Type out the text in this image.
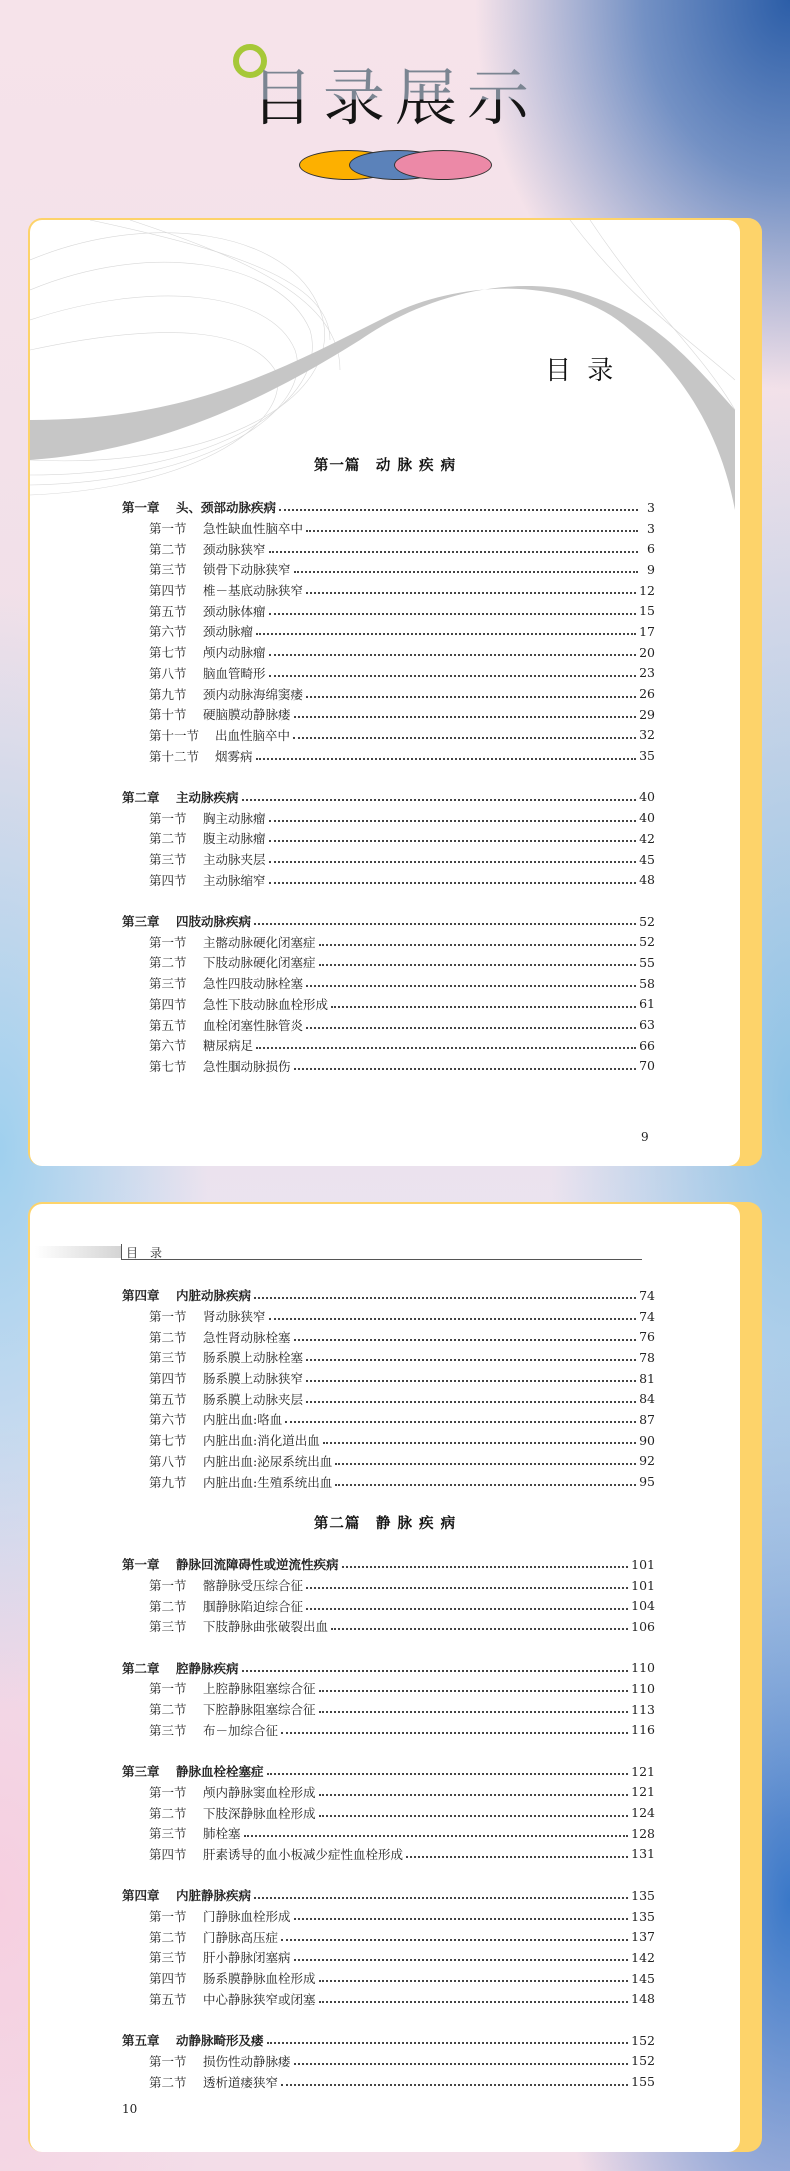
目录展示
目 录
第一篇　动 脉 疾 病
第一章	头、颈部动脉疾病	3
第一节	急性缺血性脑卒中	3
第二节	颈动脉狭窄	6
第三节	锁骨下动脉狭窄	9
第四节	椎－基底动脉狭窄	12
第五节	颈动脉体瘤	15
第六节	颈动脉瘤	17
第七节	颅内动脉瘤	20
第八节	脑血管畸形	23
第九节	颈内动脉海绵窦瘘	26
第十节	硬脑膜动静脉瘘	29
第十一节	出血性脑卒中	32
第十二节	烟雾病	35
第二章	主动脉疾病	40
第一节	胸主动脉瘤	40
第二节	腹主动脉瘤	42
第三节	主动脉夹层	45
第四节	主动脉缩窄	48
第三章	四肢动脉疾病	52
第一节	主髂动脉硬化闭塞症	52
第二节	下肢动脉硬化闭塞症	55
第三节	急性四肢动脉栓塞	58
第四节	急性下肢动脉血栓形成	61
第五节	血栓闭塞性脉管炎	63
第六节	糖尿病足	66
第七节	急性腘动脉损伤	70
9
目　录
第四章	内脏动脉疾病	74
第一节	肾动脉狭窄	74
第二节	急性肾动脉栓塞	76
第三节	肠系膜上动脉栓塞	78
第四节	肠系膜上动脉狭窄	81
第五节	肠系膜上动脉夹层	84
第六节	内脏出血:咯血	87
第七节	内脏出血:消化道出血	90
第八节	内脏出血:泌尿系统出血	92
第九节	内脏出血:生殖系统出血	95
第二篇　静 脉 疾 病
第一章	静脉回流障碍性或逆流性疾病	101
第一节	髂静脉受压综合征	101
第二节	腘静脉陷迫综合征	104
第三节	下肢静脉曲张破裂出血	106
第二章	腔静脉疾病	110
第一节	上腔静脉阻塞综合征	110
第二节	下腔静脉阻塞综合征	113
第三节	布－加综合征	116
第三章	静脉血栓栓塞症	121
第一节	颅内静脉窦血栓形成	121
第二节	下肢深静脉血栓形成	124
第三节	肺栓塞	128
第四节	肝素诱导的血小板减少症性血栓形成	131
第四章	内脏静脉疾病	135
第一节	门静脉血栓形成	135
第二节	门静脉高压症	137
第三节	肝小静脉闭塞病	142
第四节	肠系膜静脉血栓形成	145
第五节	中心静脉狭窄或闭塞	148
第五章	动静脉畸形及瘘	152
第一节	损伤性动静脉瘘	152
第二节	透析道瘘狭窄	155
10
